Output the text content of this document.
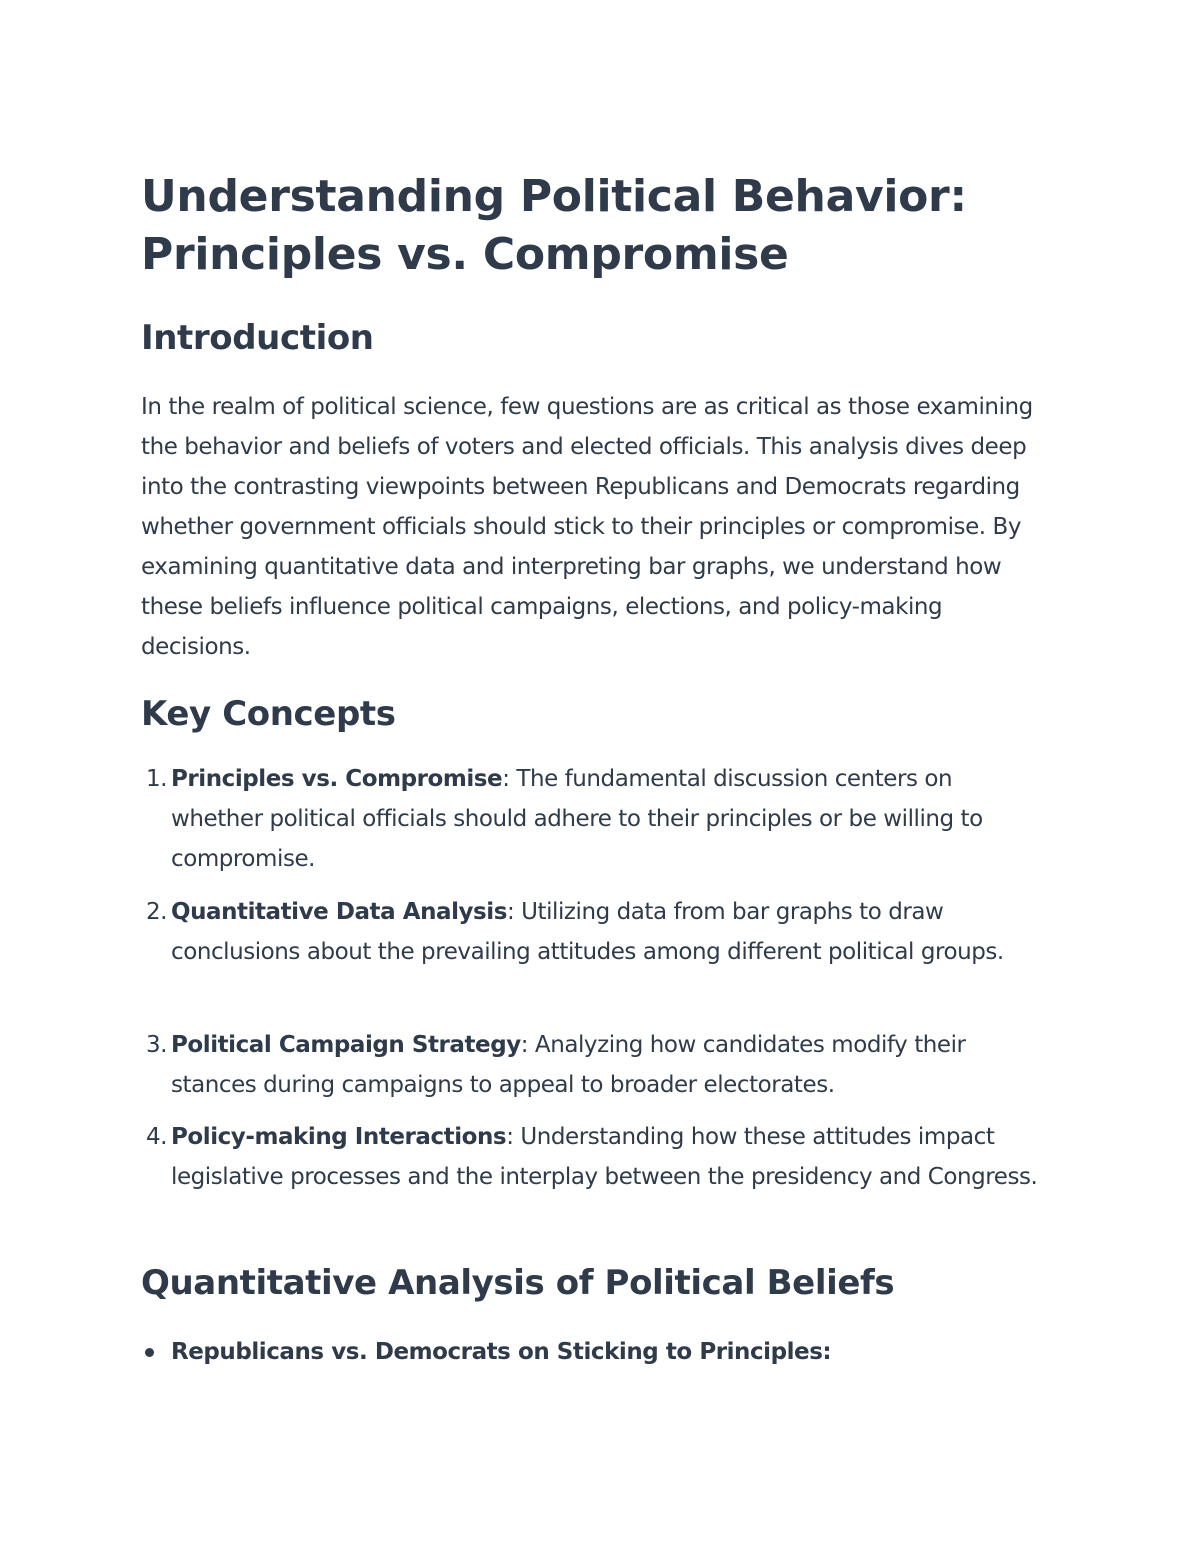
Understanding Political Behavior: Principles vs. Compromise
Introduction

In the realm of political science, few questions are as critical as those examining the behavior and beliefs of voters and elected officials. This analysis dives deep into the contrasting viewpoints between Republicans and Democrats regarding whether government officials should stick to their principles or compromise. By examining quantitative data and interpreting bar graphs, we understand how these beliefs influence political campaigns, elections, and policy-making decisions.

Key Concepts
1. Principles vs. Compromise: The fundamental discussion centers on whether political officials should adhere to their principles or be willing to compromise.
2. Quantitative Data Analysis: Utilizing data from bar graphs to draw conclusions about the prevailing attitudes among different political groups.
3. Political Campaign Strategy: Analyzing how candidates modify their stances during campaigns to appeal to broader electorates.
4. Policy-making Interactions: Understanding how these attitudes impact legislative processes and the interplay between the presidency and Congress.
Quantitative Analysis of Political Beliefs
Republicans vs. Democrats on Sticking to Principles:
